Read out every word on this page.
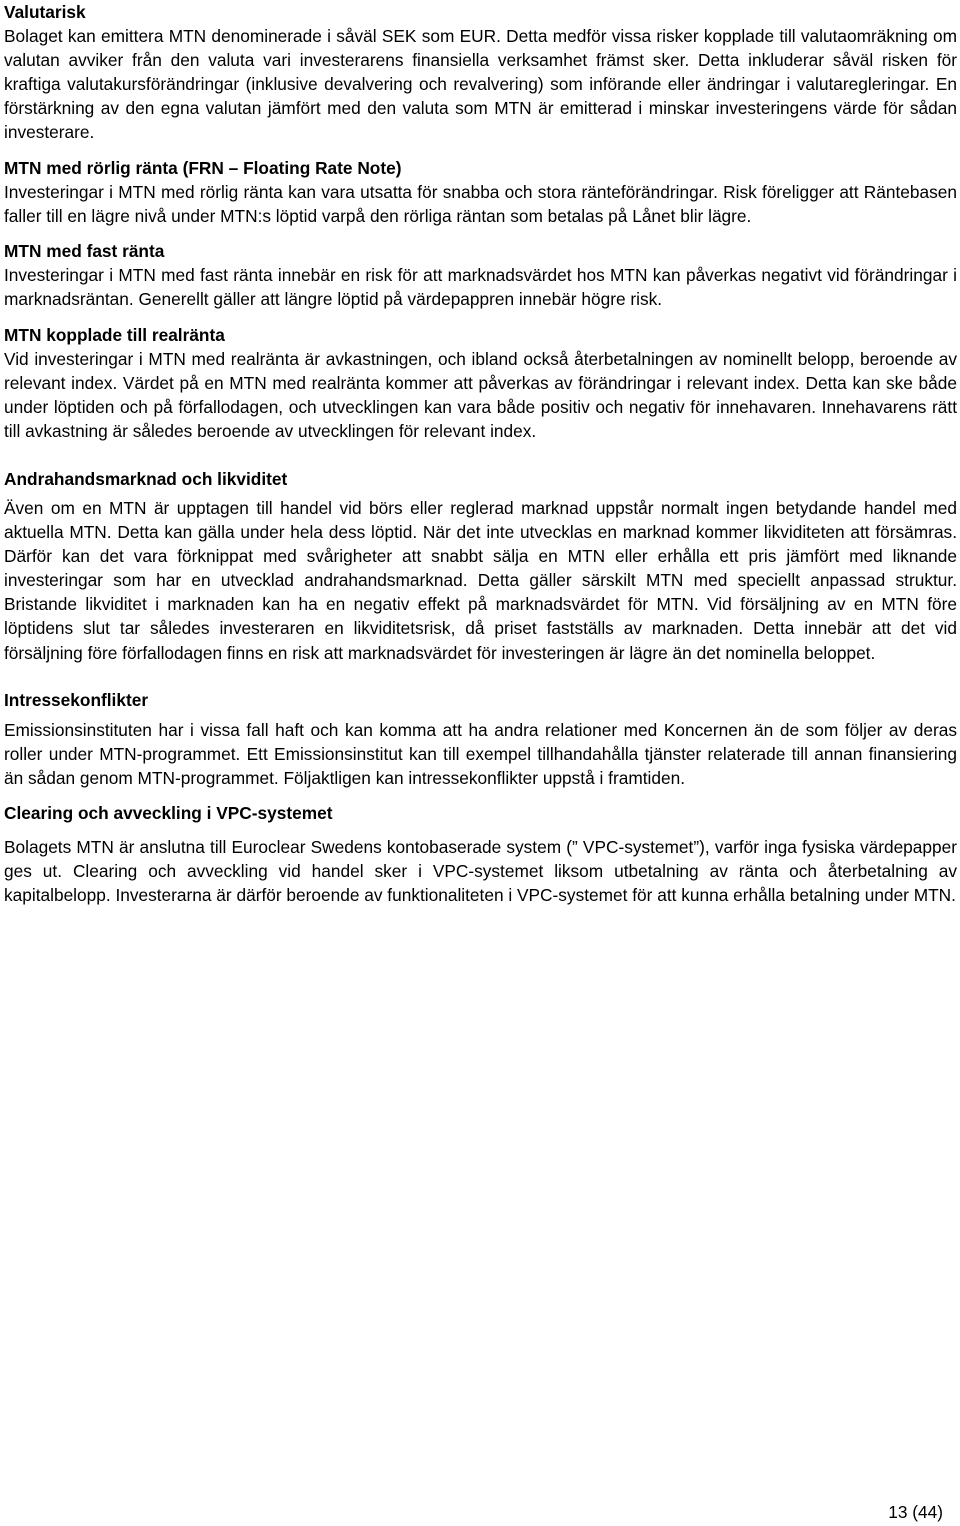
Valutarisk

Bolaget kan emittera MTN denominerade i såväl SEK som EUR. Detta medför vissa risker kopplade till valutaomräkning om valutan avviker från den valuta vari investerarens finansiella verksamhet främst sker. Detta inkluderar såväl risken för kraftiga valutakursförändringar (inklusive devalvering och revalvering) som införande eller ändringar i valutaregleringar. En förstärkning av den egna valutan jämfört med den valuta som MTN är emitterad i minskar investeringens värde för sådan investerare.

MTN med rörlig ränta (FRN – Floating Rate Note)

Investeringar i MTN med rörlig ränta kan vara utsatta för snabba och stora ränteförändringar. Risk föreligger att Räntebasen faller till en lägre nivå under MTN:s löptid varpå den rörliga räntan som betalas på Lånet blir lägre.

MTN med fast ränta

Investeringar i MTN med fast ränta innebär en risk för att marknadsvärdet hos MTN kan påverkas negativt vid förändringar i marknadsräntan. Generellt gäller att längre löptid på värdepappren innebär högre risk.

MTN kopplade till realränta

Vid investeringar i MTN med realränta är avkastningen, och ibland också återbetalningen av nominellt belopp, beroende av relevant index. Värdet på en MTN med realränta kommer att påverkas av förändringar i relevant index. Detta kan ske både under löptiden och på förfallodagen, och utvecklingen kan vara både positiv och negativ för innehavaren. Innehavarens rätt till avkastning är således beroende av utvecklingen för relevant index.

Andrahandsmarknad och likviditet

Även om en MTN är upptagen till handel vid börs eller reglerad marknad uppstår normalt ingen betydande handel med aktuella MTN. Detta kan gälla under hela dess löptid. När det inte utvecklas en marknad kommer likviditeten att försämras. Därför kan det vara förknippat med svårigheter att snabbt sälja en MTN eller erhålla ett pris jämfört med liknande investeringar som har en utvecklad andrahandsmarknad. Detta gäller särskilt MTN med speciellt anpassad struktur. Bristande likviditet i marknaden kan ha en negativ effekt på marknadsvärdet för MTN. Vid försäljning av en MTN före löptidens slut tar således investeraren en likviditetsrisk, då priset fastställs av marknaden. Detta innebär att det vid försäljning före förfallodagen finns en risk att marknadsvärdet för investeringen är lägre än det nominella beloppet.

Intressekonflikter

Emissionsinstituten har i vissa fall haft och kan komma att ha andra relationer med Koncernen än de som följer av deras roller under MTN-programmet. Ett Emissionsinstitut kan till exempel tillhandahålla tjänster relaterade till annan finansiering än sådan genom MTN-programmet. Följaktligen kan intressekonflikter uppstå i framtiden.

Clearing och avveckling i VPC-systemet

Bolagets MTN är anslutna till Euroclear Swedens kontobaserade system (” VPC-systemet”), varför inga fysiska värdepapper ges ut. Clearing och avveckling vid handel sker i VPC-systemet liksom utbetalning av ränta och återbetalning av kapitalbelopp. Investerarna är därför beroende av funktionaliteten i VPC-systemet för att kunna erhålla betalning under MTN.

13 (44)
